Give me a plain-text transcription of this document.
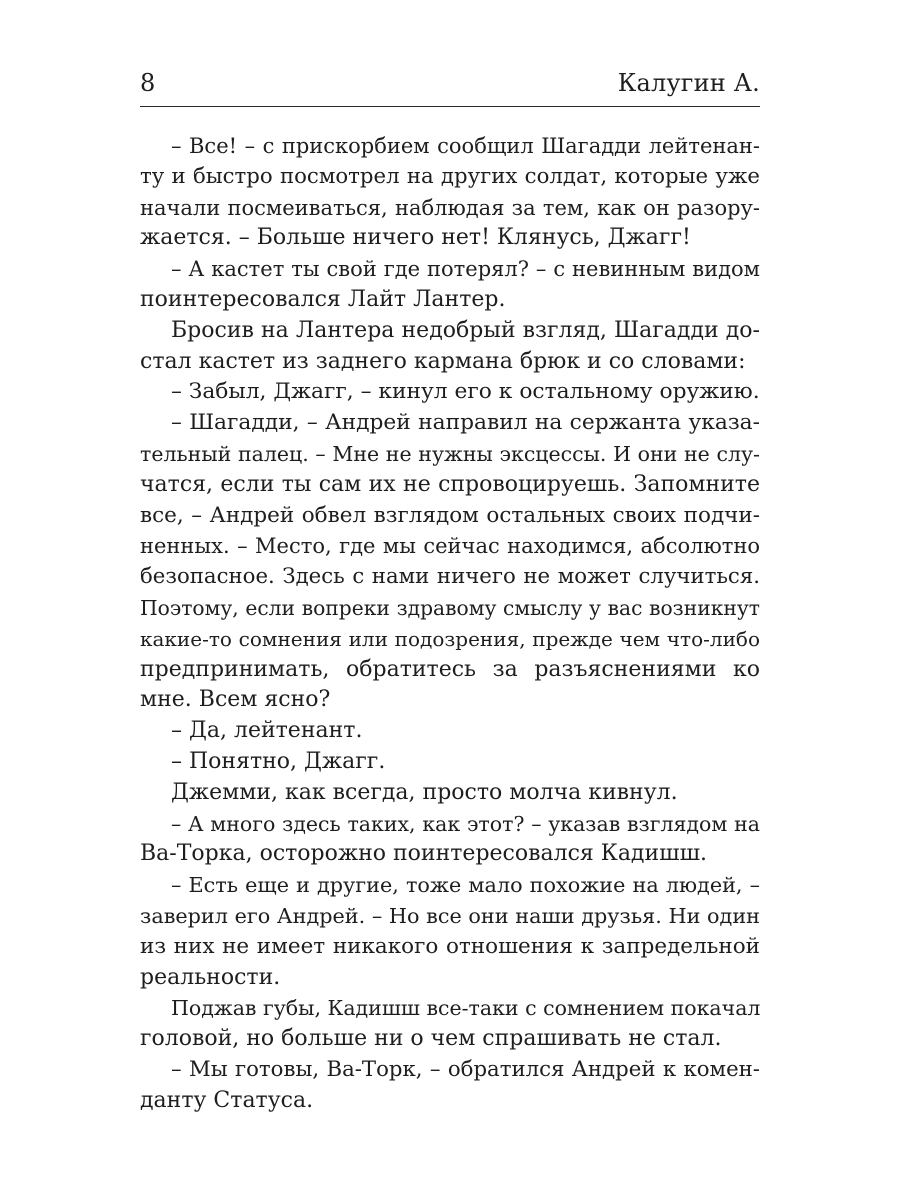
8	Калугин А.
– Все! – с прискорбием сообщил Шагадди лейтенан-
ту и быстро посмотрел на других солдат, которые уже
начали посмеиваться, наблюдая за тем, как он разору-
жается. – Больше ничего нет! Клянусь, Джагг!
– А кастет ты свой где потерял? – с невинным видом
поинтересовался Лайт Лантер.
Бросив на Лантера недобрый взгляд, Шагадди до-
стал кастет из заднего кармана брюк и со словами:
– Забыл, Джагг, – кинул его к остальному оружию.
– Шагадди, – Андрей направил на сержанта указа-
тельный палец. – Мне не нужны эксцессы. И они не слу-
чатся, если ты сам их не спровоцируешь. Запомните
все, – Андрей обвел взглядом остальных своих подчи-
ненных. – Место, где мы сейчас находимся, абсолютно
безопасное. Здесь с нами ничего не может случиться.
Поэтому, если вопреки здравому смыслу у вас возникнут
какие-то сомнения или подозрения, прежде чем что-либо
предпринимать, обратитесь за разъяснениями ко
мне. Всем ясно?
– Да, лейтенант.
– Понятно, Джагг.
Джемми, как всегда, просто молча кивнул.
– А много здесь таких, как этот? – указав взглядом на
Ва-Торка, осторожно поинтересовался Кадишш.
– Есть еще и другие, тоже мало похожие на людей, –
заверил его Андрей. – Но все они наши друзья. Ни один
из них не имеет никакого отношения к запредельной
реальности.
Поджав губы, Кадишш все-таки с сомнением покачал
головой, но больше ни о чем спрашивать не стал.
– Мы готовы, Ва-Торк, – обратился Андрей к комен-
данту Статуса.
